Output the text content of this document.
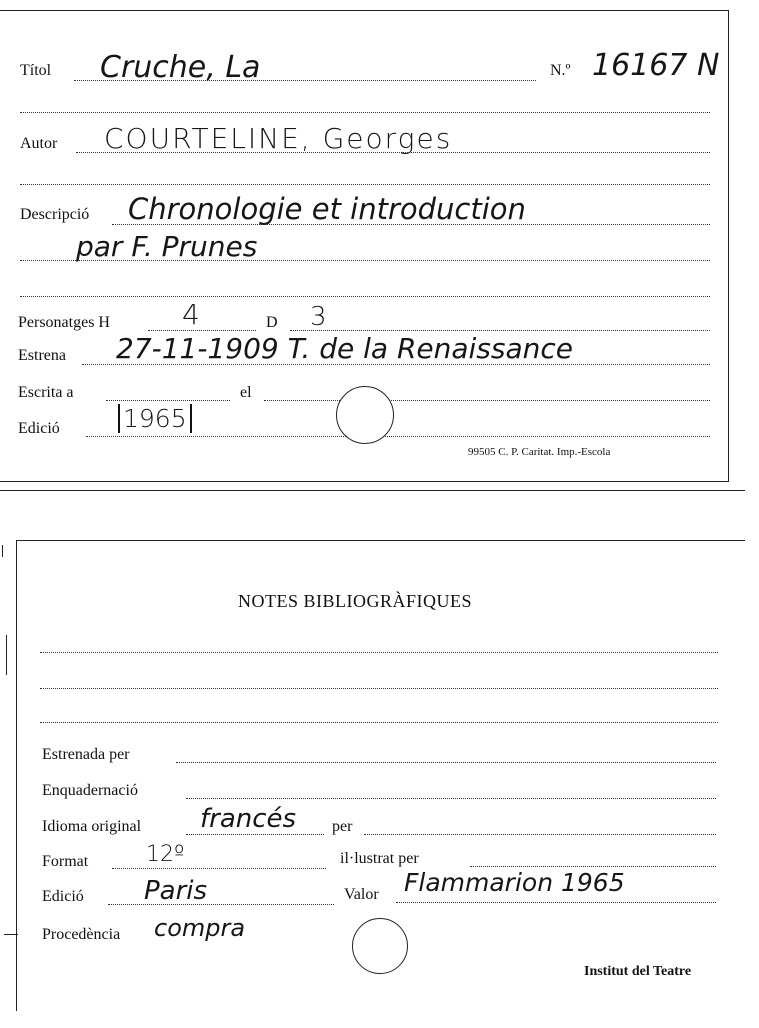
Títol Cruche, La	N.º 16167 N
Autor COURTELINE, Georges
Descripció Chronologie et introduction
par F. Prunes
Personatges H	4	D 3
Estrena 27-11-1909 T. de la Renaissance
Escrita a	el
Edició	1965
99505 C. P. Caritat. Imp.-Escola
NOTES BIBLIOGRÀFIQUES
Estrenada per
Enquadernació
Idioma original francés per
Format	12º	il·lustrat per
Edició Paris	Valor Flammarion 1965
Procedència compra
Institut del Teatre
